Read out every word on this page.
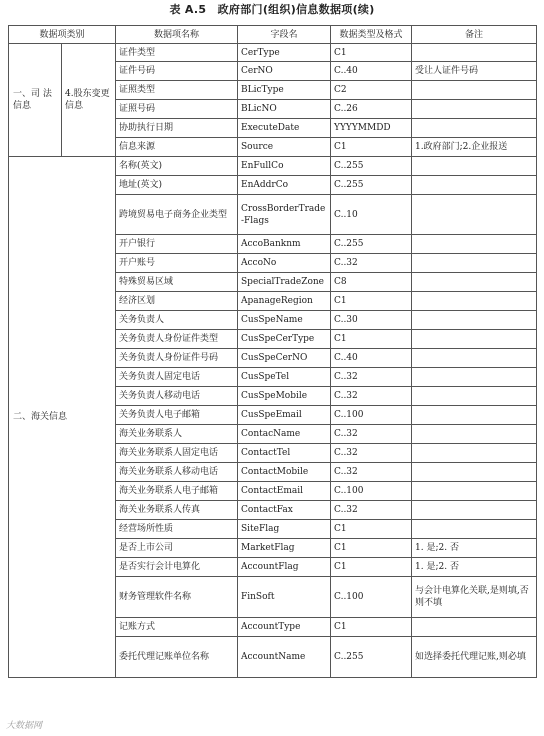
表 A.5　政府部门(组织)信息数据项(续)
数据项类别		数据项名称	字段名	数据类型及格式	备注
一、司 法信息	4.股东变更信息	证件类型	CerType	C1	
		证件号码	CerNO	C..40	受让人证件号码
		证照类型	BLicType	C2	
		证照号码	BLicNO	C..26	
		协助执行日期	ExecuteDate	YYYYMMDD	
		信息来源	Source	C1	1.政府部门;2.企业报送
二、海关信息		名称(英文)	EnFullCo	C..255	
		地址(英文)	EnAddrCo	C..255	
		跨境贸易电子商务企业类型	CrossBorderTrade-Flags	C..10	
		开户银行	AccoBanknm	C..255	
		开户账号	AccoNo	C..32	
		特殊贸易区域	SpecialTradeZone	C8	
		经济区划	ApanageRegion	C1	
		关务负责人	CusSpeName	C..30	
		关务负责人身份证件类型	CusSpeCerType	C1	
		关务负责人身份证件号码	CusSpeCerNO	C..40	
		关务负责人固定电话	CusSpeTel	C..32	
		关务负责人移动电话	CusSpeMobile	C..32	
		关务负责人电子邮箱	CusSpeEmail	C..100	
		海关业务联系人	ContacName	C..32	
		海关业务联系人固定电话	ContactTel	C..32	
		海关业务联系人移动电话	ContactMobile	C..32	
		海关业务联系人电子邮箱	ContactEmail	C..100	
		海关业务联系人传真	ContactFax	C..32	
		经营场所性质	SiteFlag	C1	
		是否上市公司	MarketFlag	C1	1. 是;2. 否
		是否实行会计电算化	AccountFlag	C1	1. 是;2. 否
		财务管理软件名称	FinSoft	C..100	与会计电算化关联,是则填,否则不填
		记账方式	AccountType	C1	
		委托代理记账单位名称	AccountName	C..255	如选择委托代理记账,则必填
大数据网
